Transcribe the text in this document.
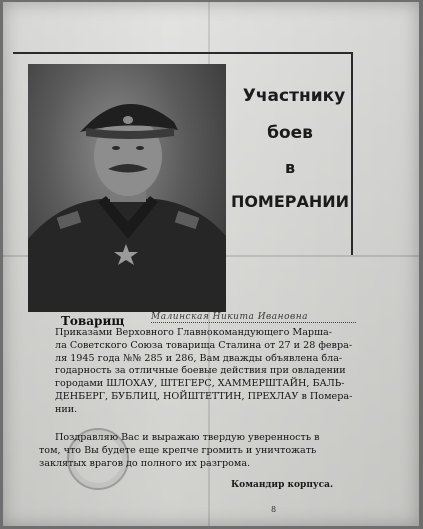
Участнику
боев
в
ПОМЕРАНИИ
Товарищ	Малинская Никита Ивановна
Приказами Верховного Главнокомандующего Марша-
ла Советского Союза товарища Сталина от 27 и 28 февра-
ля 1945 года №№ 285 и 286, Вам дважды объявлена бла-
годарность за отличные боевые действия при овладении
городами ШЛОХАУ, ШТЕГЕРС, ХАММЕРШТАЙН, БАЛЬ-
ДЕНБЕРГ, БУБЛИЦ, НОЙШТЕТТИН, ПРЕХЛАУ в Помера-
нии.
Поздравляю Вас и выражаю твердую уверенность в
том, что Вы будете еще крепче громить и уничтожать
заклятых врагов до полного их разгрома.
Командир корпуса.
8
